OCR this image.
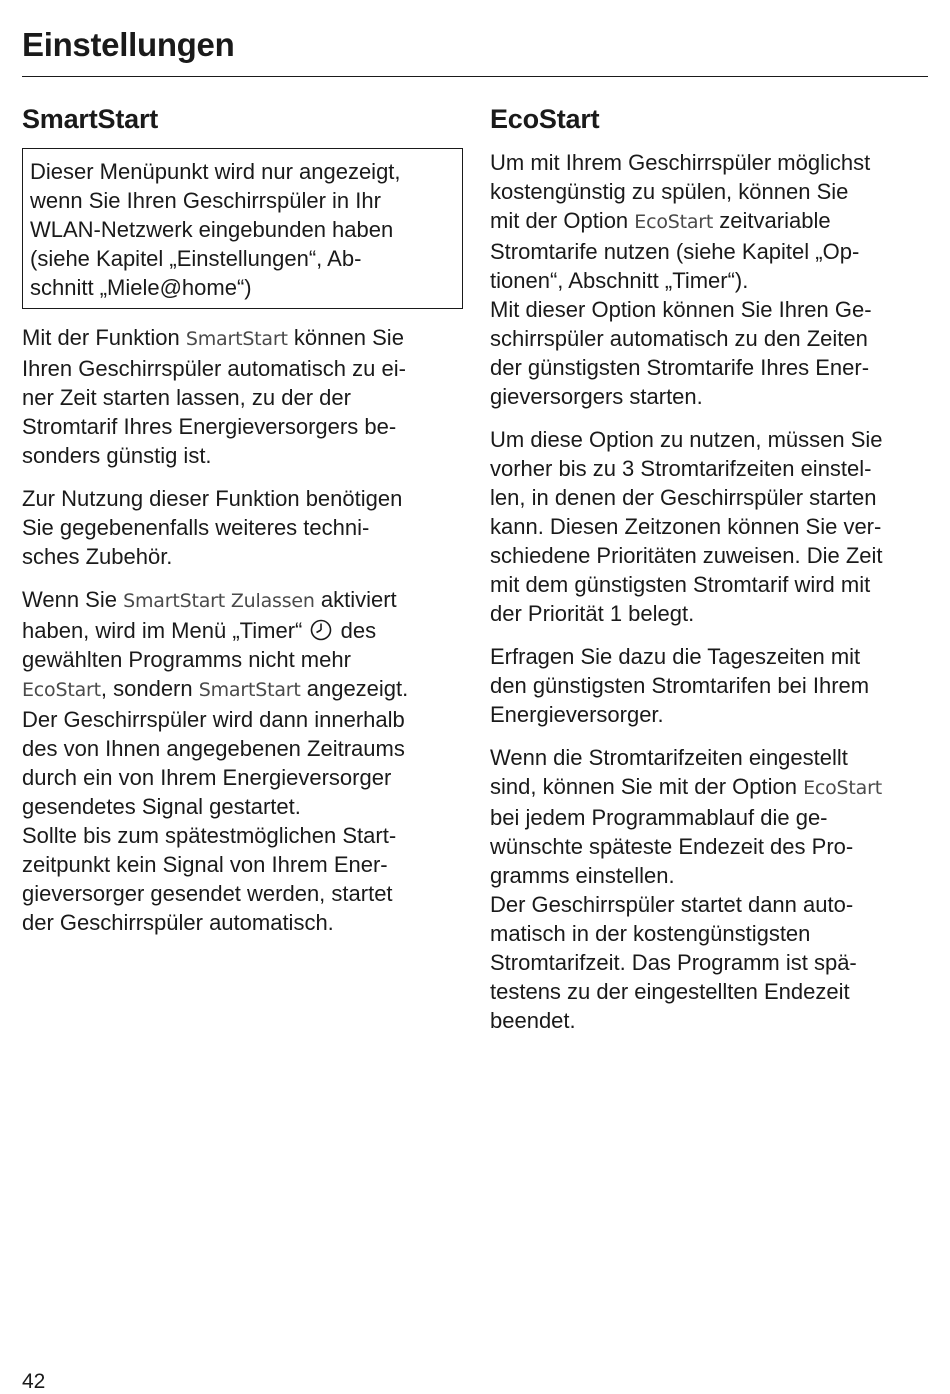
Einstellungen
SmartStart
Dieser Menüpunkt wird nur angezeigt,
wenn Sie Ihren Geschirrspüler in Ihr
WLAN-Netzwerk eingebunden haben
(siehe Kapitel „Einstellungen“, Ab-
schnitt „Miele@home“)
Mit der Funktion SmartStart können Sie
Ihren Geschirrspüler automatisch zu ei-
ner Zeit starten lassen, zu der der
Stromtarif Ihres Energieversorgers be-
sonders günstig ist.
Zur Nutzung dieser Funktion benötigen
Sie gegebenenfalls weiteres techni-
sches Zubehör.
Wenn Sie SmartStart Zulassen aktiviert
haben, wird im Menü „Timer“  des
gewählten Programms nicht mehr
EcoStart, sondern SmartStart angezeigt.
Der Geschirrspüler wird dann innerhalb
des von Ihnen angegebenen Zeitraums
durch ein von Ihrem Energieversorger
gesendetes Signal gestartet.
Sollte bis zum spätestmöglichen Start-
zeitpunkt kein Signal von Ihrem Ener-
gieversorger gesendet werden, startet
der Geschirrspüler automatisch.
EcoStart
Um mit Ihrem Geschirrspüler möglichst
kostengünstig zu spülen, können Sie
mit der Option EcoStart zeitvariable
Stromtarife nutzen (siehe Kapitel „Op-
tionen“, Abschnitt „Timer“).
Mit dieser Option können Sie Ihren Ge-
schirrspüler automatisch zu den Zeiten
der günstigsten Stromtarife Ihres Ener-
gieversorgers starten.
Um diese Option zu nutzen, müssen Sie
vorher bis zu 3 Stromtarifzeiten einstel-
len, in denen der Geschirrspüler starten
kann. Diesen Zeitzonen können Sie ver-
schiedene Prioritäten zuweisen. Die Zeit
mit dem günstigsten Stromtarif wird mit
der Priorität 1 belegt.
Erfragen Sie dazu die Tageszeiten mit
den günstigsten Stromtarifen bei Ihrem
Energieversorger.
Wenn die Stromtarifzeiten eingestellt
sind, können Sie mit der Option EcoStart
bei jedem Programmablauf die ge-
wünschte späteste Endezeit des Pro-
gramms einstellen.
Der Geschirrspüler startet dann auto-
matisch in der kostengünstigsten
Stromtarifzeit. Das Programm ist spä-
testens zu der eingestellten Endezeit
beendet.
42
